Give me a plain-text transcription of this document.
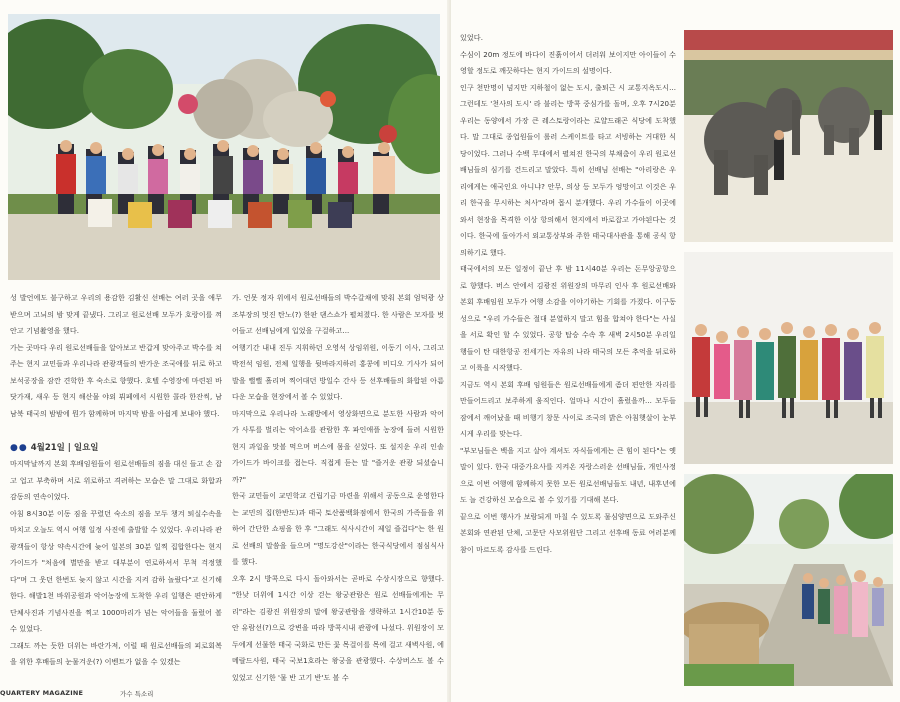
성 발언에도 불구하고 우리의 용감한 김활신 선배는 여러 곳을 애무 받으며 고뇌의 밤 맞게 끝냈다. 그리고 원로선배 모두가 호랑이를 껴안고 기념촬영을 했다.

가는 곳마다 우리 원로선배들을 알아보고 반갑게 맞아주고 박수를 쳐주는 현지 교민들과 우리나라 관광객들의 반가운 조국애를 뒤로 하고 보석공장을 잠깐 견학한 후 숙소로 향했다. 호텔 수영장에 마련된 바닷가재, 새우 등 현지 해산물 야외 뷔페에서 시원한 콜라 한잔씩, 남남북 태국의 밤밤에 뭔가 함께하며 마지막 밤을 아쉽게 보내야 했다.

●● 4월21일 | 일요일

마지막날까지 본회 후배임원들이 원로선배들의 짐을 대신 들고 손 잡고 업고 부축하며 서로 위로하고 격려하는 모습은 말 그대로 화합과 감동의 연속이었다.

아침 8시30분 이동 짐을 꾸렸던 숙소의 짐을 모두 챙겨 퇴실수속을 마치고 오늘도 역시 여행 일정 사진에 출발할 수 있었다. 우리나라 관광객들이 항상 약속시간에 늦어 일본의 30분 일찍 집합한다는 현지 가이드가 "처음에 별만을 받고 대부분이 연로하셔서 무척 걱정했다"며 그 웃던 한번도 늦지 않고 시간을 지켜 감하 놀랐다"고 신기해한다. 해발1천 바위공원과 악어농장에 도착한 우리 일행은 편안하게 단체사진과 기념사진을 찍고 1000마리가 넘는 악어들을 둘렀어 볼 수 있었다.

그래도 까는 듯한 더위는 바란가져, 이럴 때 원로선배들의 피로회복을 위한 후배들의 눈물겨운(?) 이벤트가 없을 수 있겠는

가. 언못 정자 위에서 원로선배들의 박수갈채에 맞춰 본회 엄덕광 상조부장의 멋진 탄노(?) 한판 댄스쇼가 펼쳐졌다. 한 사람은 모자를 벗어들고 선배님에게 입었을 구걸하고...

여행기간 내내 진두 지휘하던 오영석 상임위원, 이동기 이사, 그리고 박전석 임원, 전체 일행을 뒷바라지하러 홍콩에 비디오 기사가 되어 발을 뻘뻘 흘리며 찍어대던 방일수 간사 등 선후배들의 화합된 아름다운 모습을 현장에서 볼 수 있었다.

마지막으로 우리나라 노래방에서 영상화면으로 분도한 사람과 악어가 사투를 벌리는 악어쇼를 관람한 후 파인애플 농장에 들려 시원한 현지 과일을 맛볼 먹으며 버스에 몸을 싣었다. 또 설지운 우리 인솔 가이드가 바이크를 접는다. 직접게 듣는 말 "즐거운 관광 되셨습니까?"

한국 교민들이 교민학교 건립기금 마련을 위해서 공동으로 운영한다는 교민의 집(한반도)과 태국 토산품백화점에서 한국의 가족들을 위하여 간단한 쇼핑을 한 후 "그래도 식사시간이 제일 즐겁다"는 한 원로 선배의 말씀을 들으며 "명도강산"이라는 한국식당에서 점심식사를 했다.

오후 2시 방콕으로 다시 돌아와서는 곧바로 수상시장으로 향했다. "한낮 더위에 1시간 이상 걷는 왕궁관람은 원로 선배들에게는 무리"라는 김광진 위원장의 말에 왕궁관람을 생략하고 1시간10분 동안 유람선(?)으로 강변을 따라 방콕시내 관광에 나섰다. 위원장이 모두에게 선물한 태국 국화로 만든 꽃 목걸이를 목에 걸고 새벽사원, 에메랄드사원, 태국 국보1호라는 왕궁을 관광했다. 수상버스도 볼 수 있었고 신기한 '물 반 고기 반'도 볼 수

QUARTERY MAGAZINE	가수 특소리

있었다.

수심이 20m 정도에 바다이 진흙이어서 더러워 보이지만 아이들이 수영할 정도로 깨끗하다는 현지 가이드의 설명이다.

인구 천만명이 넘지만 지하철이 없는 도시, 출퇴근 시 교통지옥도시...그런데도 '천사의 도시' 라 불리는 방콕 중심가를 돌며, 오후 7시20분 우리는 동양에서 가장 큰 레스토랑이라는 로얄드래곤 식당에 도착했다. 말 그대로 종업원들이 롤러 스케이트를 타고 서빙하는 거대한 식당이었다. 그러나 수백 무대에서 펼쳐진 한국의 부채춤이 우리 원로선배님들의 심기를 건드리고 말았다. 특히 선배님 선배는 "아리랑은 우리에게는 애국인요 아니냐? 안무, 의상 등 모두가 엉망이고 이것은 우리 한국을 무시하는 처사"라며 몹시 분개했다. 우리 가수들이 이곳에 와서 현장을 목격한 이상 항의해서 현지에서 바로잡고 가야된다는 것이다. 한국에 돌아가서 외교통상부와 주한 태국대사관을 통해 공식 항의하기로 했다.

태국에서의 모든 일정이 끝난 후 밤 11시40분 우리는 돈무앙공항으로 향했다. 버스 안에서 김광진 위원장의 마무리 인사 후 원로선배와 본회 후배임원 모두가 여행 소감을 이야기하는 기회를 가졌다. 이구동성으로 "우리 가수들은 절대 분열하지 말고 힘을 합쳐야 한다"는 사실을 서로 확인 할 수 있었다. 공항 탑승 수속 후 새벽 2시50분 우리일행들이 탄 대한항공 전세기는 자유의 나라 태국의 모든 추억을 뒤로하고 이륙을 시작했다.

지금도 역시 본회 후배 임원들은 원로선배들에게 좀더 편안한 자리를 만들어드리고 보주하게 움직인다. 얼마나 시간이 흘렀을까... 모두들 잠에서 깨어났을 때 비행기 창문 사이로 조국의 밝은 아침햇살이 눈부시게 우리를 맞는다.

"부모님들은 백을 지고 살아 계셔도 자식들에게는 큰 힘이 된다"는 옛말이 있다. 한국 대중가요사를 지켜온 자랑스러운 선배님들, 개인사정으로 이번 여행에 함께하지 못한 모든 원로선배님들도 내년, 내후년에도 늘 건강하신 모습으로 볼 수 있기를 기대해 본다.

끝으로 이번 행사가 보람되게 마칠 수 있도록 물심양면으로 도와주신 본회와 연관된 단체, 고문단 사모위원단 그리고 선후배 동료 여러분께 참이 마르도록 감사를 드린다.
